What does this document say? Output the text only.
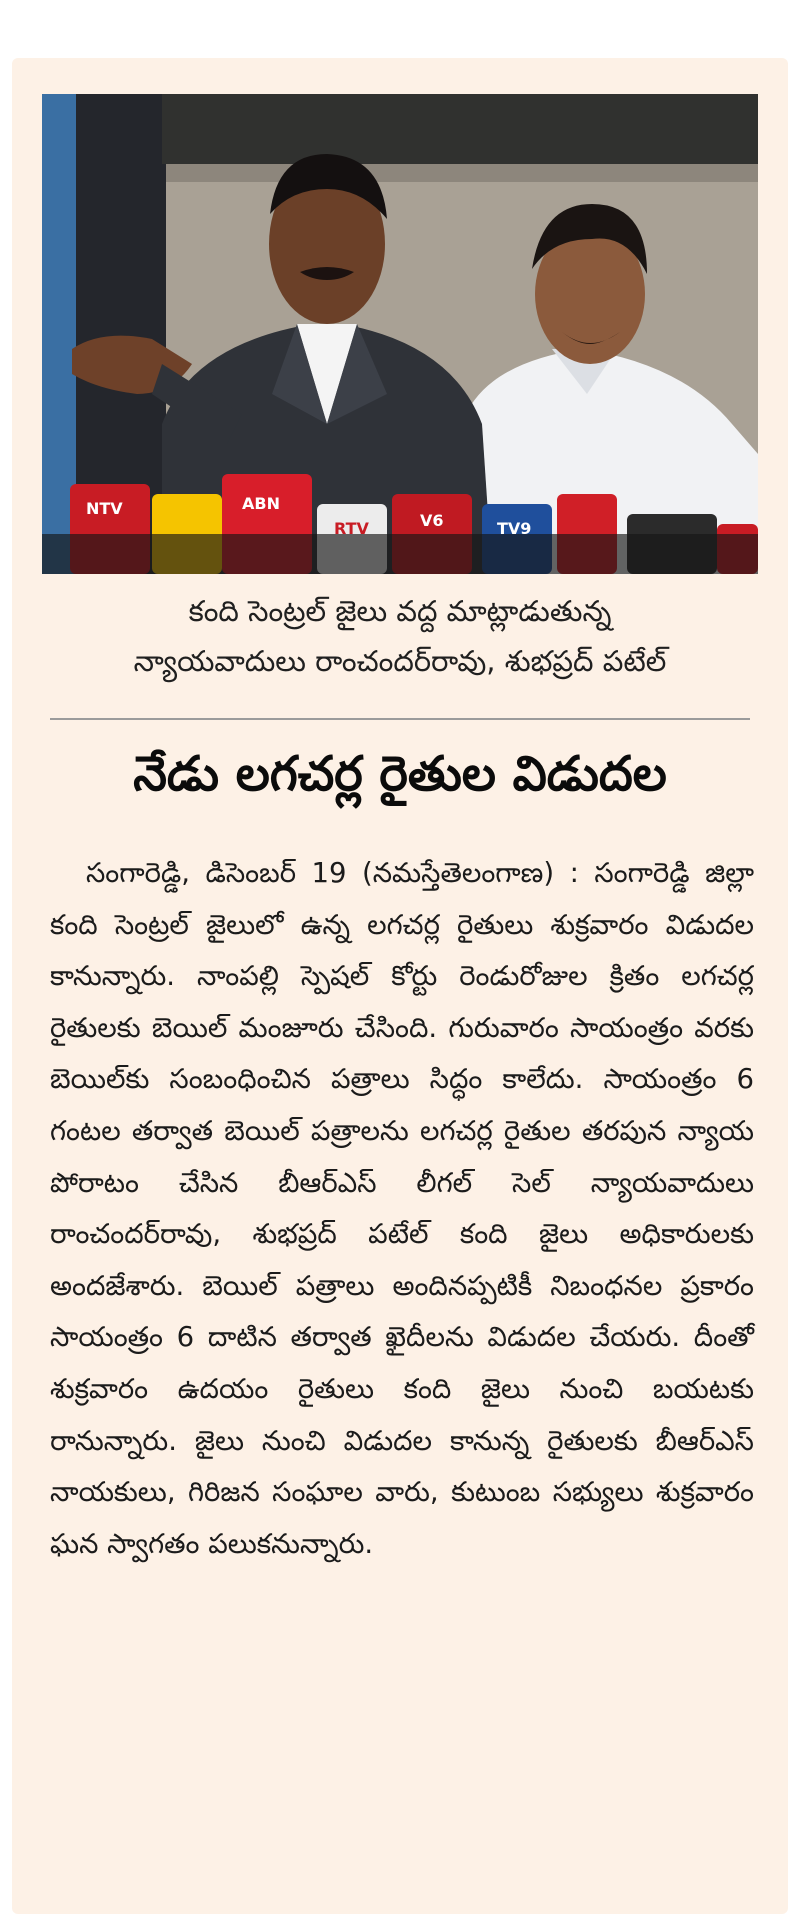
NTV	ABN
RTV	V6	TV9
కంది సెంట్రల్ జైలు వద్ద మాట్లాడుతున్న
న్యాయవాదులు రాంచందర్‌రావు, శుభప్రద్ పటేల్
నేడు లగచర్ల రైతుల విడుదల

సంగారెడ్డి, డిసెంబర్ 19 (నమస్తేతెలంగాణ) : సంగారెడ్డి జిల్లా కంది సెంట్రల్ జైలులో ఉన్న లగచర్ల రైతులు శుక్రవారం విడుదల కానున్నారు. నాంపల్లి స్పెషల్ కోర్టు రెండురోజుల క్రితం లగచర్ల రైతులకు బెయిల్ మంజూరు చేసింది. గురువారం సాయంత్రం వరకు బెయిల్‌కు సంబంధించిన పత్రాలు సిద్ధం కాలేదు. సాయంత్రం 6 గంటల తర్వాత బెయిల్ పత్రాలను లగచర్ల రైతుల తరపున న్యాయ పోరాటం చేసిన బీఆర్‌ఎస్ లీగల్ సెల్ న్యాయవాదులు రాంచందర్‌రావు, శుభప్రద్ పటేల్ కంది జైలు అధికారులకు అందజేశారు. బెయిల్ పత్రాలు అందినప్పటికీ నిబంధనల ప్రకారం సాయంత్రం 6 దాటిన తర్వాత ఖైదీలను విడుదల చేయరు. దీంతో శుక్రవారం ఉదయం రైతులు కంది జైలు నుంచి బయటకు రానున్నారు. జైలు నుంచి విడుదల కానున్న రైతులకు బీఆర్‌ఎస్ నాయకులు, గిరిజన సంఘాల వారు, కుటుంబ సభ్యులు శుక్రవారం ఘన స్వాగతం పలుకనున్నారు.
